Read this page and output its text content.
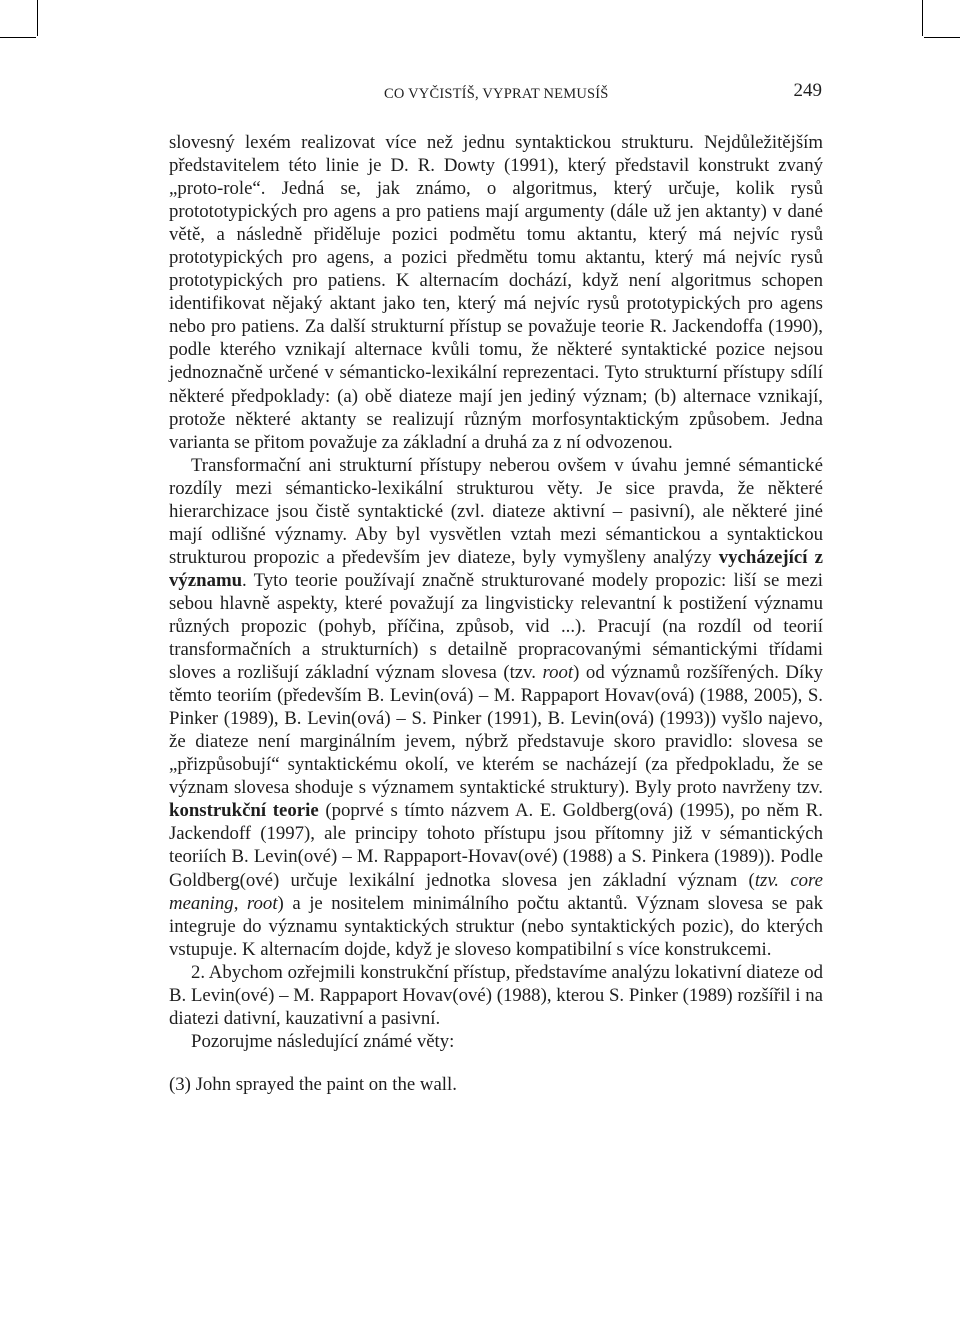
CO VYČISTÍŠ, VYPRAT NEMUSÍŠ	249

slovesný lexém realizovat více než jednu syntaktickou strukturu. Nejdůležitějším představitelem této linie je D. R. Dowty (1991), který představil konstrukt zvaný „proto-role“. Jedná se, jak známo, o algoritmus, který určuje, kolik rysů protototypických pro agens a pro patiens mají argumenty (dále už jen aktanty) v dané větě, a následně přiděluje pozici podmětu tomu aktantu, který má nejvíc rysů prototypických pro agens, a pozici předmětu tomu aktantu, který má nejvíc rysů prototypických pro patiens. K alternacím dochází, když není algoritmus schopen identifikovat nějaký aktant jako ten, který má nejvíc rysů prototypických pro agens nebo pro patiens. Za další strukturní přístup se považuje teorie R. Jackendoffa (1990), podle kterého vznikají alternace kvůli tomu, že některé syntaktické pozice nejsou jednoznačně určené v sémanticko-lexikální reprezentaci. Tyto strukturní přístupy sdílí některé předpoklady: (a) obě diateze mají jen jediný význam; (b) alternace vznikají, protože některé aktanty se realizují různým morfosyntaktickým způsobem. Jedna varianta se přitom považuje za základní a druhá za z ní odvozenou.

Transformační ani strukturní přístupy neberou ovšem v úvahu jemné sémantické rozdíly mezi sémanticko-lexikální strukturou věty. Je sice pravda, že některé hierarchizace jsou čistě syntaktické (zvl. diateze aktivní – pasivní), ale některé jiné mají odlišné významy. Aby byl vysvětlen vztah mezi sémantickou a syntaktickou strukturou propozic a především jev diateze, byly vymyšleny analýzy vycházející z významu. Tyto teorie používají značně strukturované modely propozic: liší se mezi sebou hlavně aspekty, které považují za lingvisticky relevantní k postižení významu různých propozic (pohyb, příčina, způsob, vid ...). Pracují (na rozdíl od teorií transformačních a strukturních) s detailně propracovanými sémantickými třídami sloves a rozlišují základní význam slovesa (tzv. root) od významů rozšířených. Díky těmto teoriím (především B. Levin(ová) – M. Rappaport Hovav(ová) (1988, 2005), S. Pinker (1989), B. Levin(ová) – S. Pinker (1991), B. Levin(ová) (1993)) vyšlo najevo, že diateze není marginálním jevem, nýbrž představuje skoro pravidlo: slovesa se „přizpůsobují“ syntaktickému okolí, ve kterém se nacházejí (za předpokladu, že se význam slovesa shoduje s významem syntaktické struktury). Byly proto navrženy tzv. konstrukční teorie (poprvé s tímto názvem A. E. Goldberg(ová) (1995), po něm R. Jackendoff (1997), ale principy tohoto přístupu jsou přítomny již v sémantických teoriích B. Levin(ové) – M. Rappaport-Hovav(ové) (1988) a S. Pinkera (1989)). Podle Goldberg(ové) určuje lexikální jednotka slovesa jen základní význam (tzv. core meaning, root) a je nositelem minimálního počtu aktantů. Význam slovesa se pak integruje do významu syntaktických struktur (nebo syntaktických pozic), do kterých vstupuje. K alternacím dojde, když je sloveso kompatibilní s více konstrukcemi.

2. Abychom ozřejmili konstrukční přístup, představíme analýzu lokativní diateze od B. Levin(ové) – M. Rappaport Hovav(ové) (1988), kterou S. Pinker (1989) rozšířil i na diatezi dativní, kauzativní a pasivní.

Pozorujme následující známé věty:

(3) John sprayed the paint on the wall.
